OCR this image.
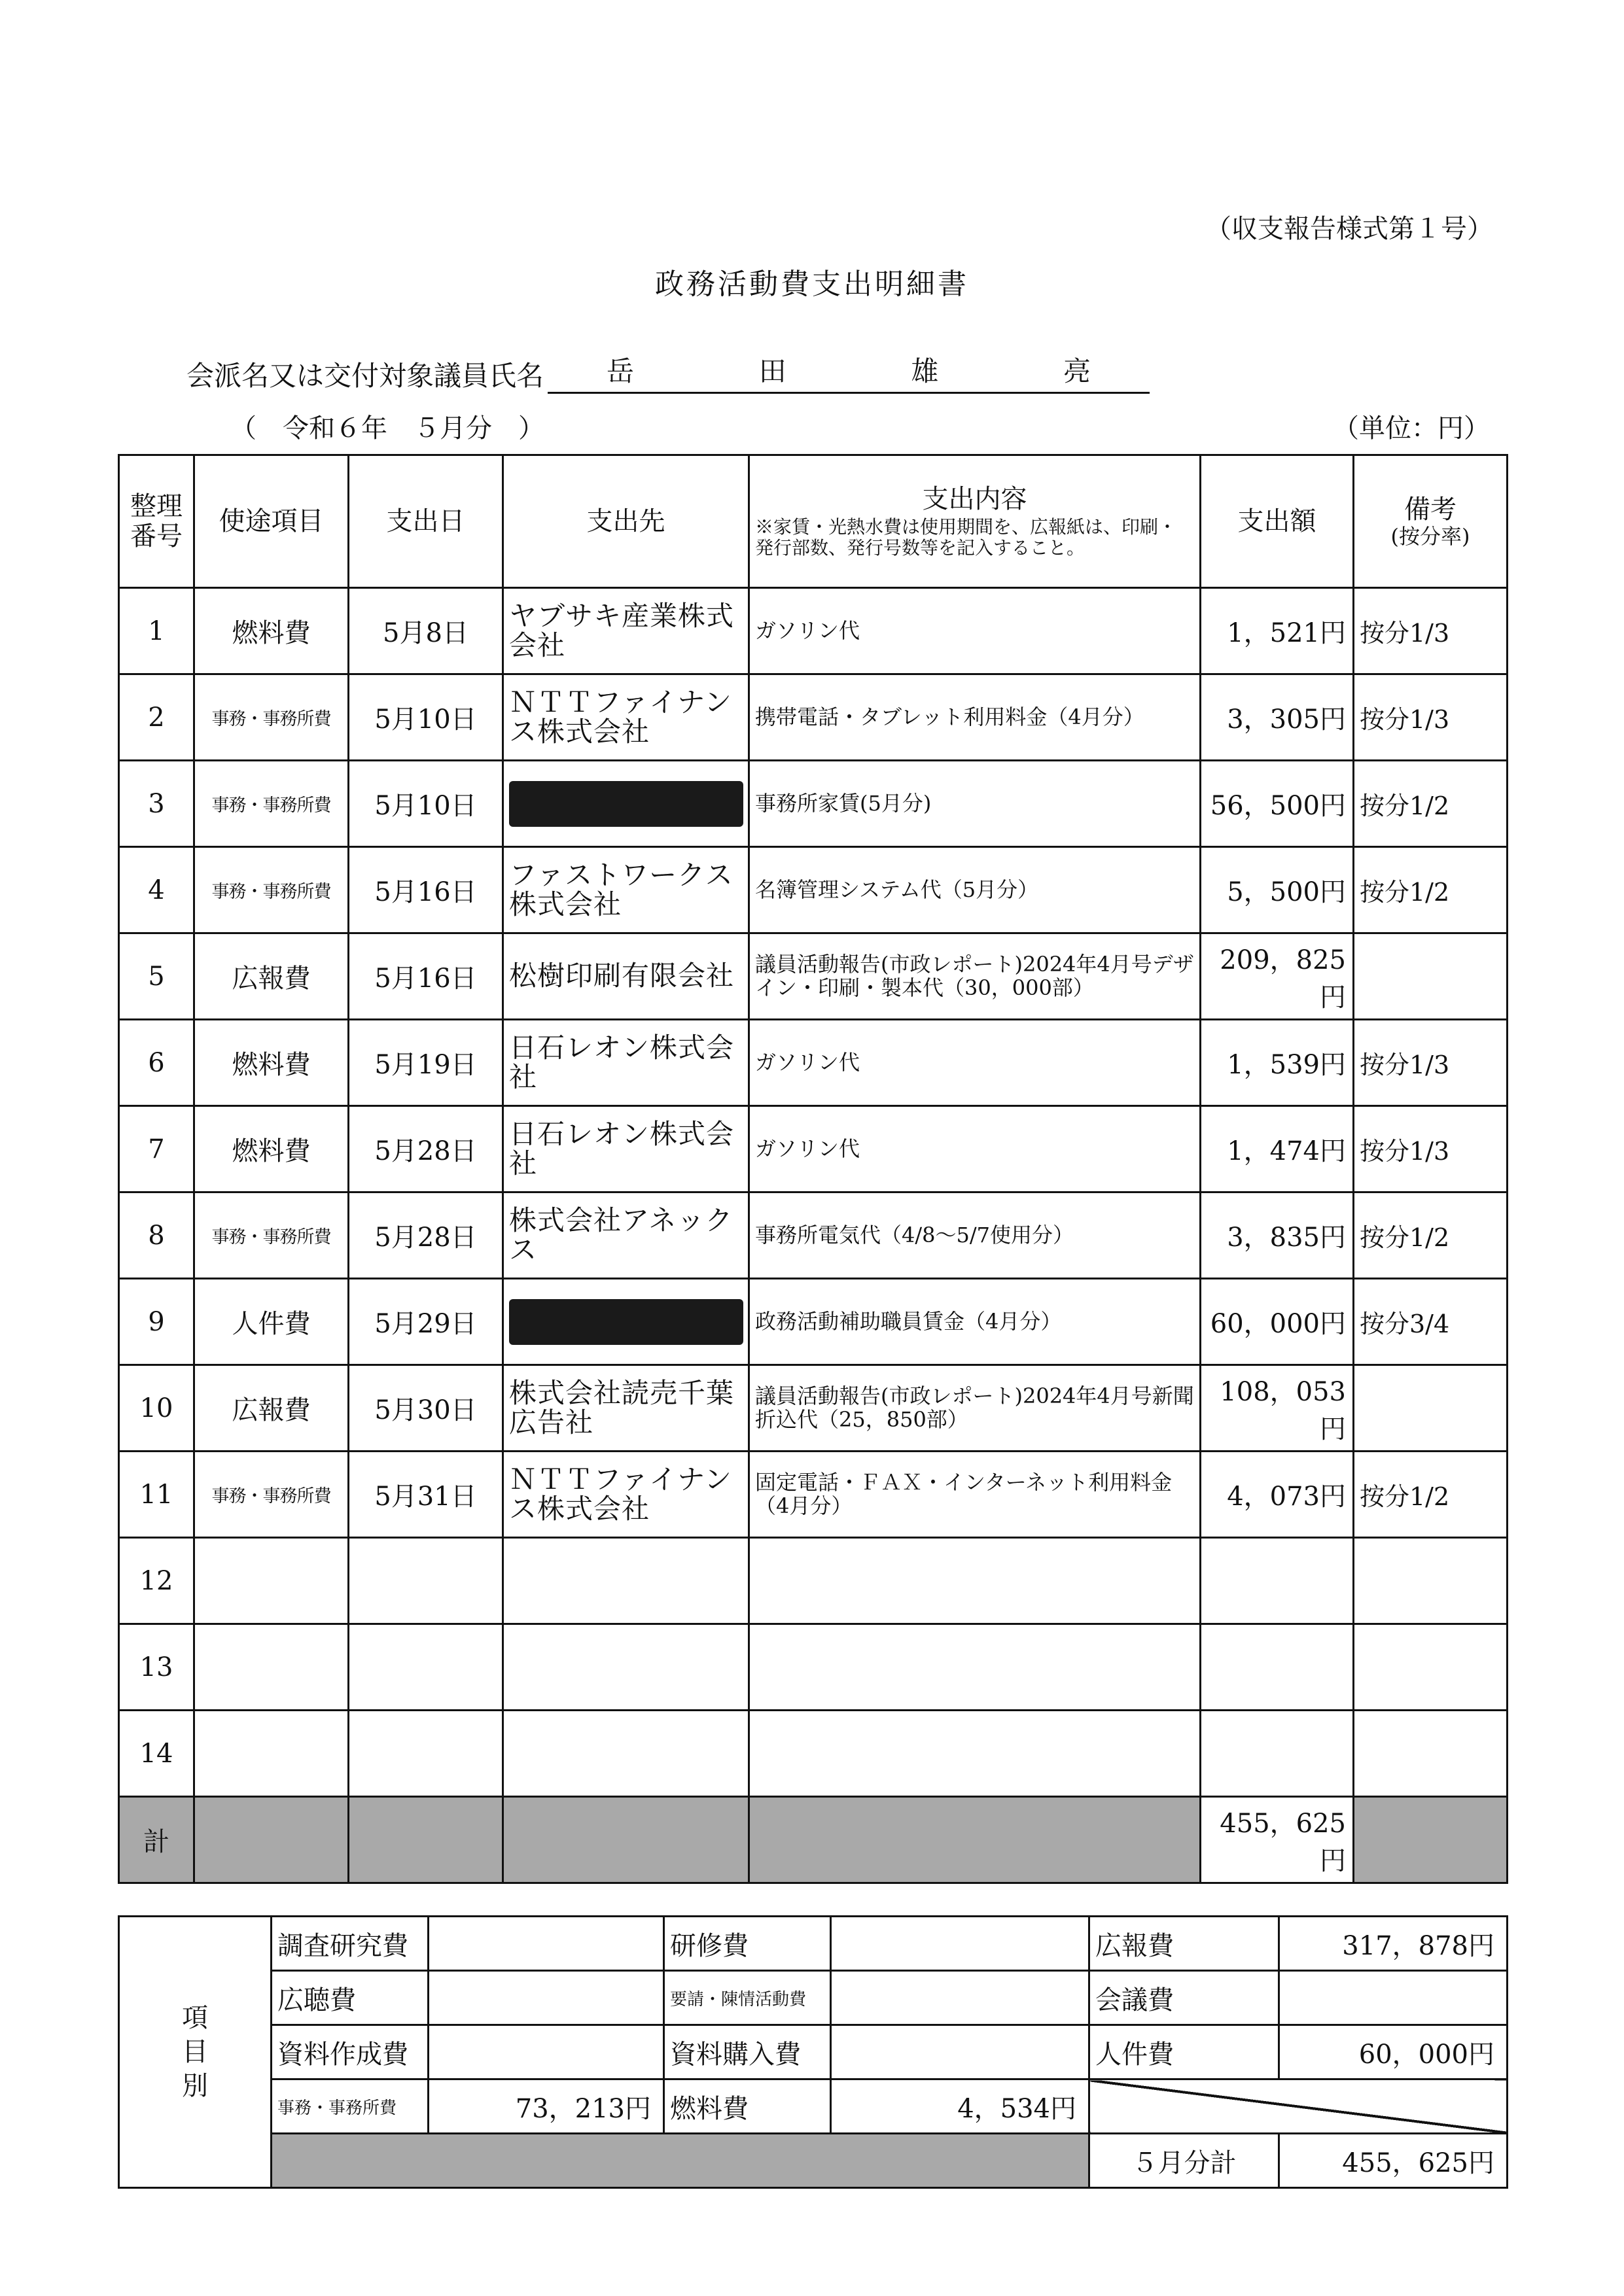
（収支報告様式第１号）
政務活動費支出明細書
会派名又は交付対象議員氏名 岳	田	雄	亮
（　令和６年　５月分　）	（単位：円）
整理番号	使途項目	支出日	支出先	支出内容
※家賃・光熱水費は使用期間を、広報紙は、印刷・発行部数、発行号数等を記入すること。	支出額	備考
(按分率)

1	燃料費	5月8日	ヤブサキ産業株式会社	ガソリン代	1，521円	按分1/3
2	事務・事務所費	5月10日	ＮＴＴファイナンス株式会社	携帯電話・タブレット利用料金（4月分）	3，305円	按分1/3
3	事務・事務所費	5月10日		事務所家賃(5月分)	56，500円	按分1/2
4	事務・事務所費	5月16日	ファストワークス株式会社	名簿管理システム代（5月分）	5，500円	按分1/2
5	広報費	5月16日	松樹印刷有限会社	議員活動報告(市政レポート)2024年4月号デザイン・印刷・製本代（30，000部）	209，825円	
6	燃料費	5月19日	日石レオン株式会社	ガソリン代	1，539円	按分1/3
7	燃料費	5月28日	日石レオン株式会社	ガソリン代	1，474円	按分1/3
8	事務・事務所費	5月28日	株式会社アネックス	事務所電気代（4/8～5/7使用分）	3，835円	按分1/2
9	人件費	5月29日		政務活動補助職員賃金（4月分）	60，000円	按分3/4
10	広報費	5月30日	株式会社読売千葉広告社	議員活動報告(市政レポート)2024年4月号新聞折込代（25，850部）	108，053円	
11	事務・事務所費	5月31日	ＮＴＴファイナンス株式会社	固定電話・ＦＡＸ・インターネット利用料金（4月分）	4，073円	按分1/2
12						
13						
14						
計					455，625円	
項目別	調査研究費		研修費		広報費	317，878円
	広聴費		要請・陳情活動費		会議費	
	資料作成費		資料購入費		人件費	60，000円
	事務・事務所費	73，213円	燃料費	4，534円		
					５月分計	455，625円
